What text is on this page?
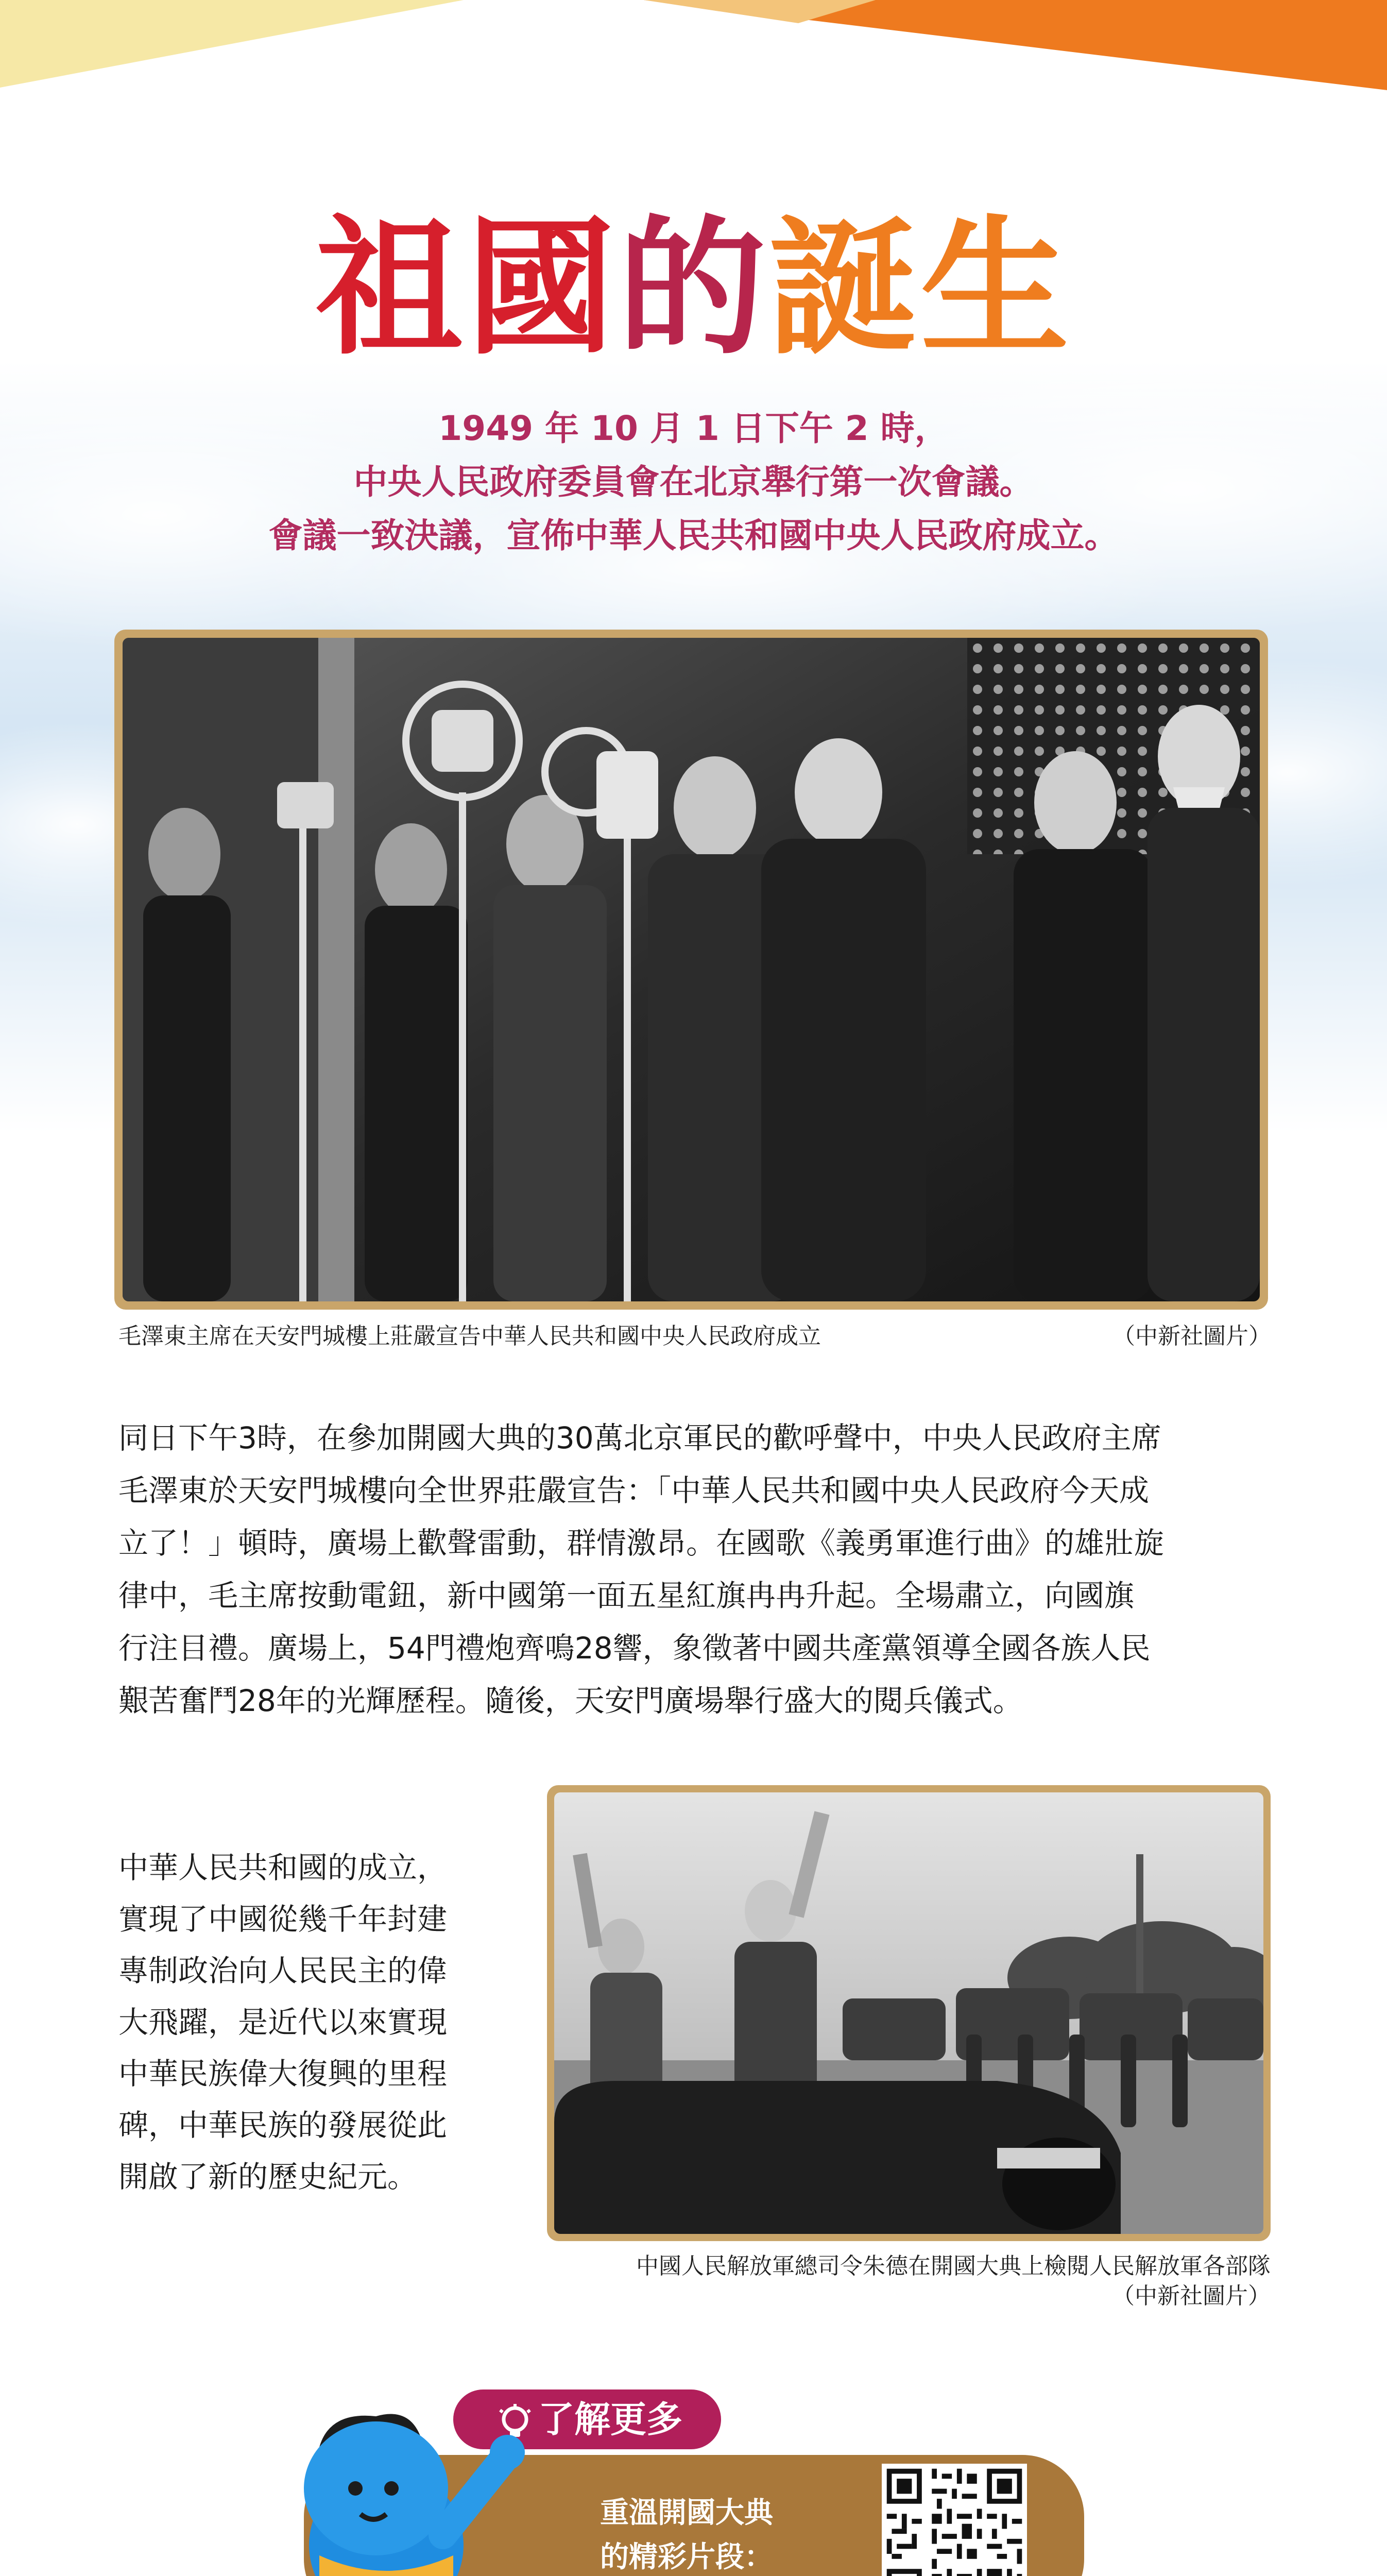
祖國的誕生
1949 年 10 月 1 日下午 2 時，
中央人民政府委員會在北京舉行第一次會議。
會議一致決議，宣佈中華人民共和國中央人民政府成立。
毛澤東主席在天安門城樓上莊嚴宣告中華人民共和國中央人民政府成立	（中新社圖片）
同日下午3時，在參加開國大典的30萬北京軍民的歡呼聲中，中央人民政府主席
毛澤東於天安門城樓向全世界莊嚴宣告：「中華人民共和國中央人民政府今天成
立了！」頓時，廣場上歡聲雷動，群情激昂。在國歌《義勇軍進行曲》的雄壯旋
律中，毛主席按動電鈕，新中國第一面五星紅旗冉冉升起。全場肅立，向國旗
行注目禮。廣場上，54門禮炮齊鳴28響，象徵著中國共產黨領導全國各族人民
艱苦奮鬥28年的光輝歷程。隨後，天安門廣場舉行盛大的閱兵儀式。
中華人民共和國的成立，
實現了中國從幾千年封建
專制政治向人民民主的偉
大飛躍，是近代以來實現
中華民族偉大復興的里程
碑，中華民族的發展從此
開啟了新的歷史紀元。
中國人民解放軍總司令朱德在開國大典上檢閱人民解放軍各部隊
（中新社圖片）
了解更多
重溫開國大典
的精彩片段：
